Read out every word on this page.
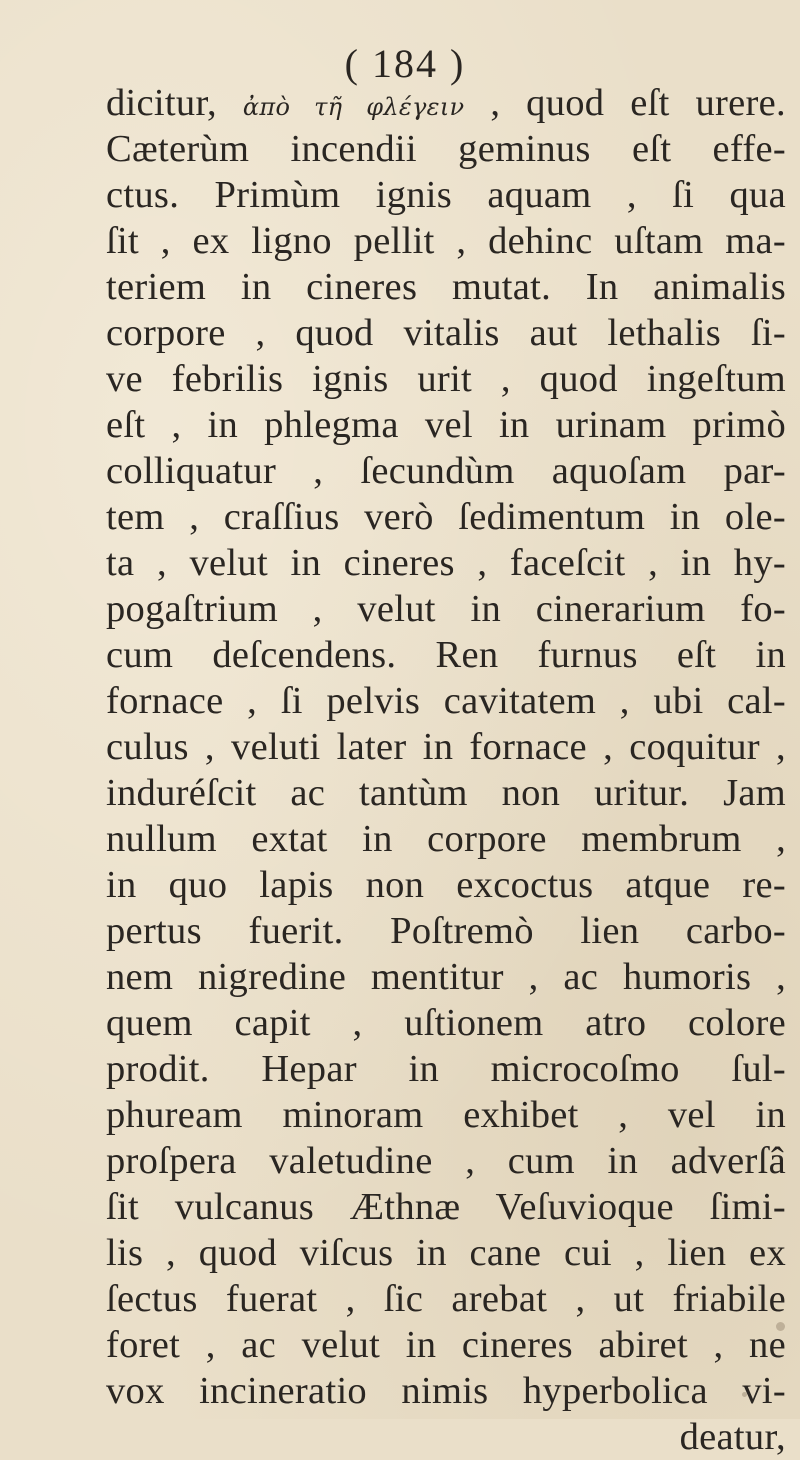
( 184 )
dicitur, ἀπὸ τῆ φλέγειν , quod eſt urere.
Cæterùm incendii geminus eſt effe-
ctus. Primùm ignis aquam , ſi qua
ſit , ex ligno pellit , dehinc uſtam ma-
teriem in cineres mutat. In animalis
corpore , quod vitalis aut lethalis ſi-
ve febrilis ignis urit , quod ingeſtum
eſt , in phlegma vel in urinam primò
colliquatur , ſecundùm aquoſam par-
tem , craſſius verò ſedimentum in ole-
ta , velut in cineres , faceſcit , in hy-
pogaſtrium , velut in cinerarium fo-
cum deſcendens. Ren furnus eſt in
fornace , ſi pelvis cavitatem , ubi cal-
culus , veluti later in fornace , coquitur ,
induréſcit ac tantùm non uritur. Jam
nullum extat in corpore membrum ,
in quo lapis non excoctus atque re-
pertus fuerit. Poſtremò lien carbo-
nem nigredine mentitur , ac humoris ,
quem capit , uſtionem atro colore
prodit. Hepar in microcoſmo ſul-
phuream minoram exhibet , vel in
proſpera valetudine , cum in adverſâ
ſit vulcanus Æthnæ Veſuvioque ſimi-
lis , quod viſcus in cane cui , lien ex
ſectus fuerat , ſic arebat , ut friabile
foret , ac velut in cineres abiret , ne
vox incineratio nimis hyperbolica vi-
deatur,
